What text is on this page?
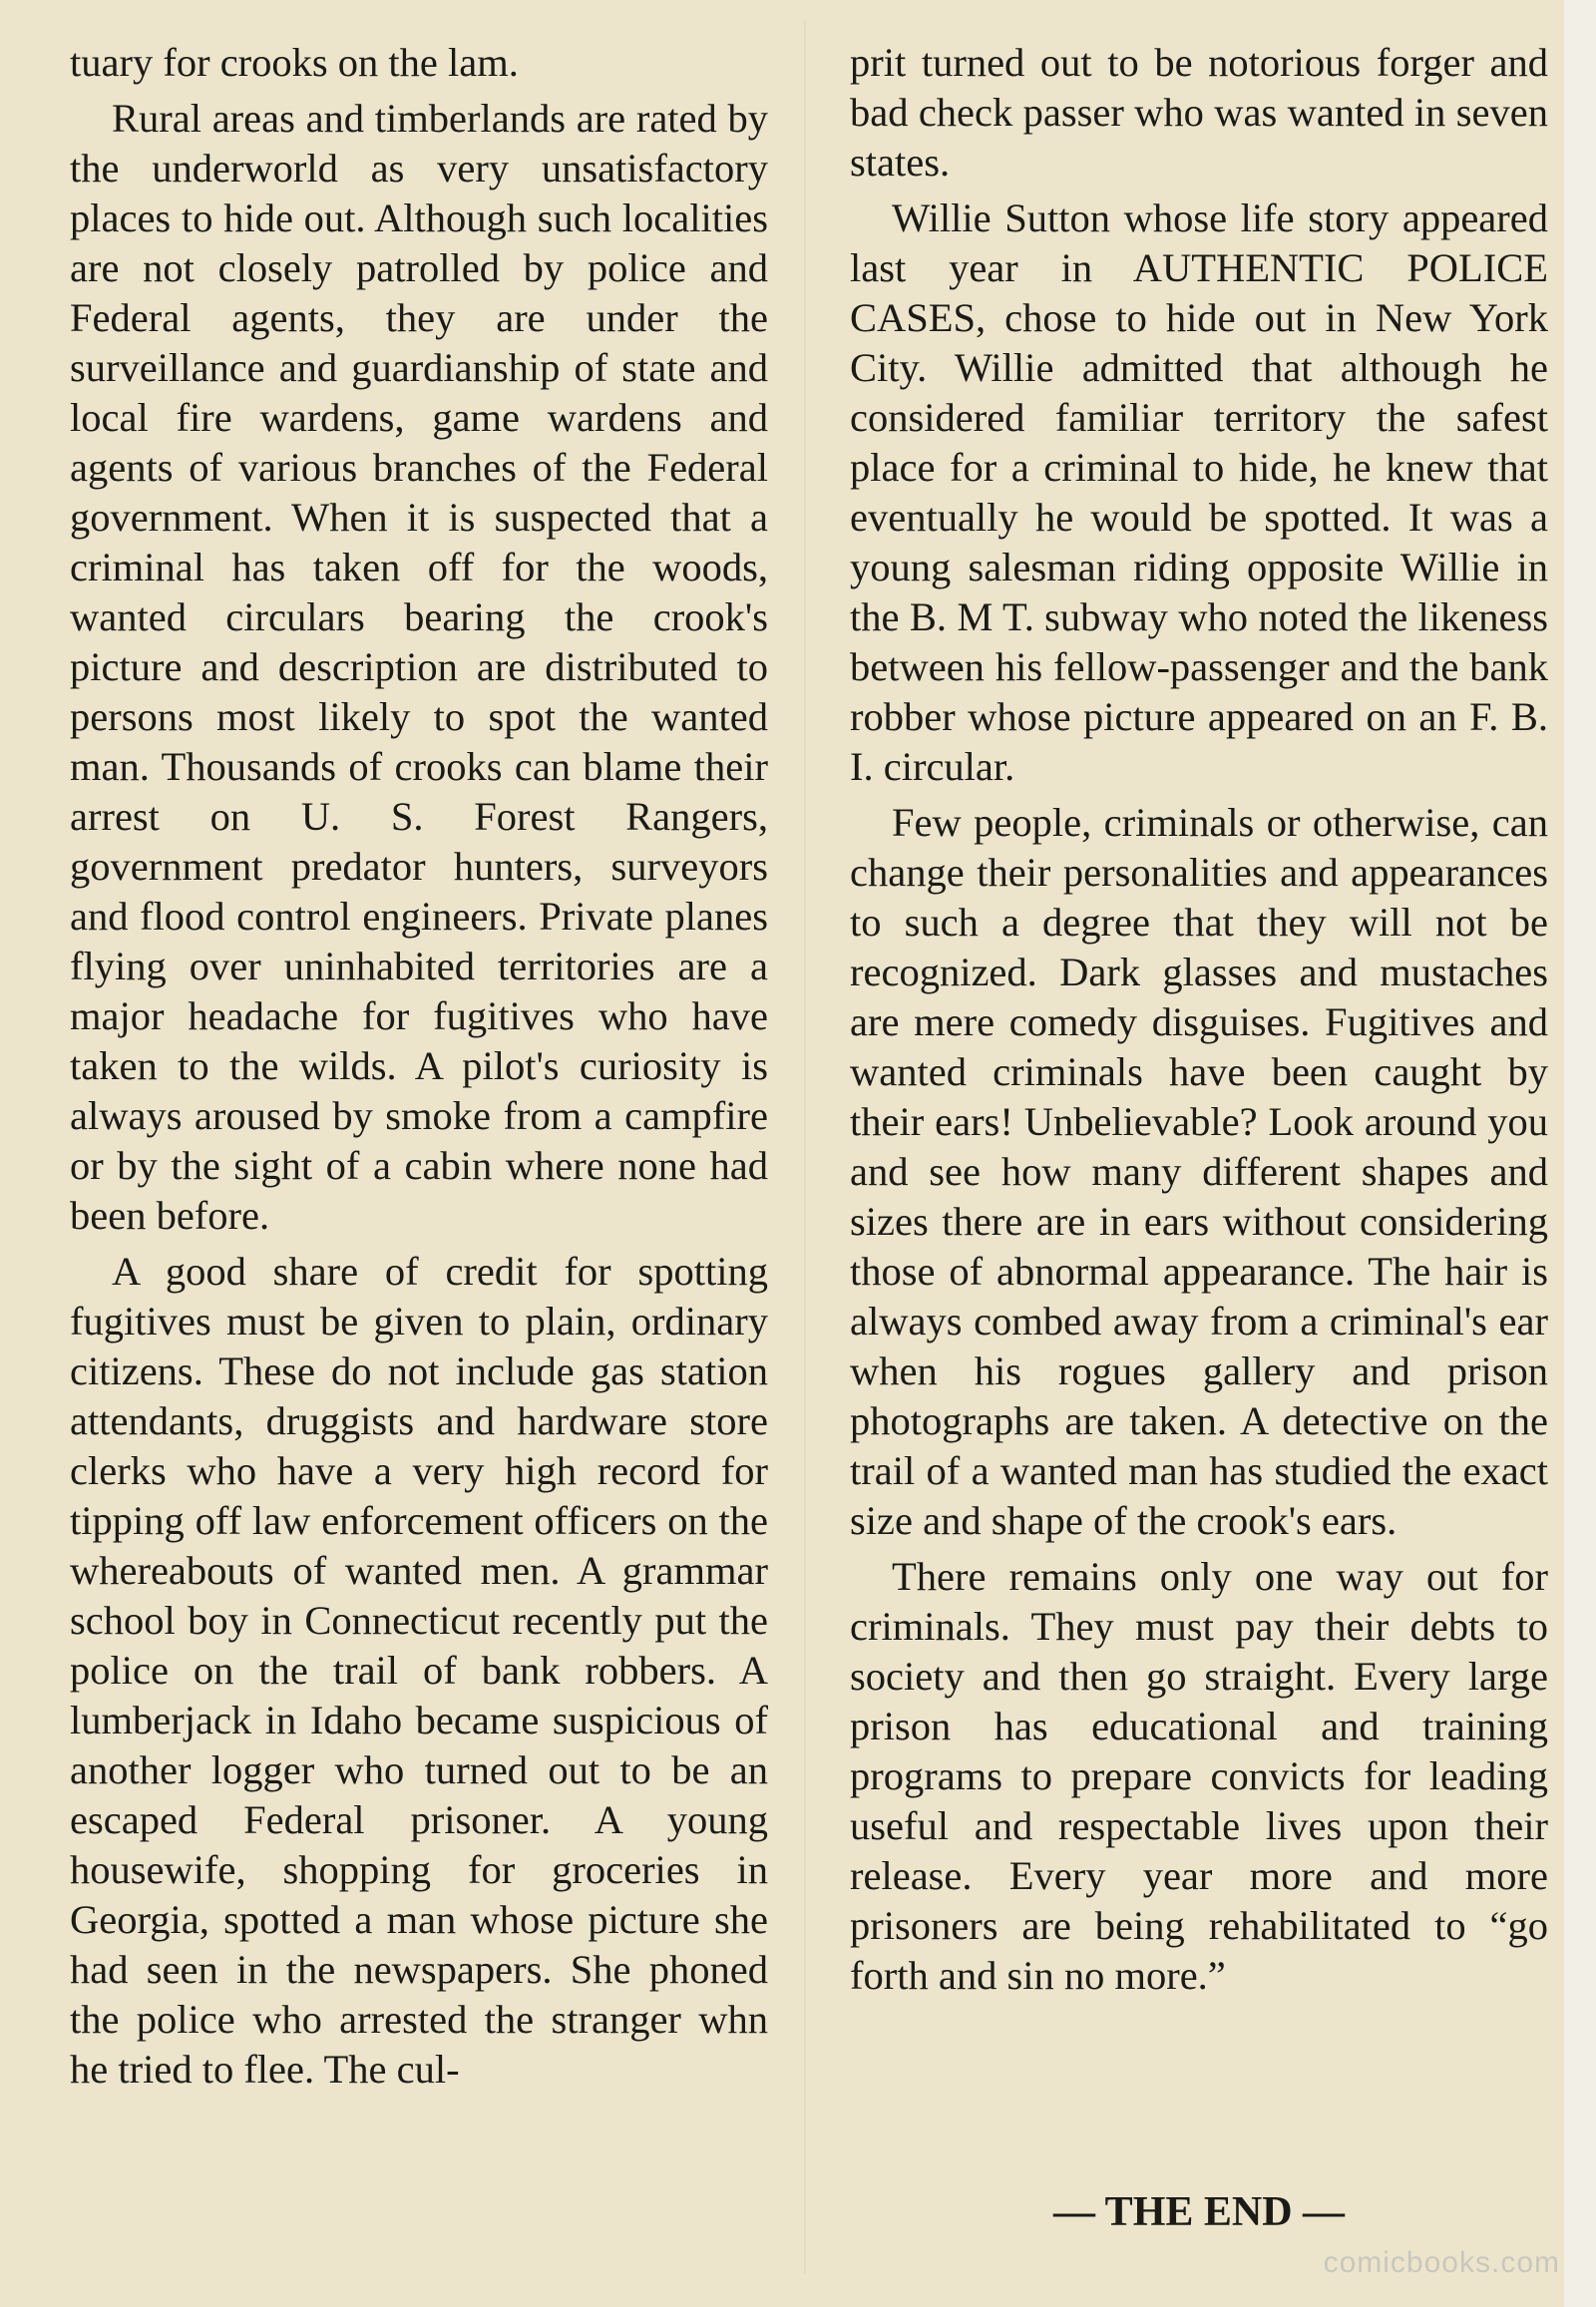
tuary for crooks on the lam.

Rural areas and timberlands are rated by the underworld as very unsatisfactory places to hide out. Although such localities are not closely patrolled by police and Federal agents, they are under the surveillance and guardianship of state and local fire wardens, game wardens and agents of various branches of the Federal government. When it is suspected that a criminal has taken off for the woods, wanted circulars bearing the crook's picture and description are distributed to persons most likely to spot the wanted man. Thousands of crooks can blame their arrest on U. S. Forest Rangers, government predator hunters, surveyors and flood control engineers. Private planes flying over uninhabited territories are a major headache for fugitives who have taken to the wilds. A pilot's curiosity is always aroused by smoke from a campfire or by the sight of a cabin where none had been before.

A good share of credit for spotting fugitives must be given to plain, ordinary citizens. These do not include gas station attendants, druggists and hardware store clerks who have a very high record for tipping off law enforcement officers on the whereabouts of wanted men. A grammar school boy in Connecticut recently put the police on the trail of bank robbers. A lumberjack in Idaho became suspicious of another logger who turned out to be an escaped Federal prisoner. A young housewife, shopping for groceries in Georgia, spotted a man whose picture she had seen in the newspapers. She phoned the police who arrested the stranger whn he tried to flee. The cul-

prit turned out to be notorious forger and bad check passer who was wanted in seven states.

Willie Sutton whose life story appeared last year in AUTHENTIC POLICE CASES, chose to hide out in New York City. Willie admitted that although he considered familiar territory the safest place for a criminal to hide, he knew that eventually he would be spotted. It was a young salesman riding opposite Willie in the B. M T. subway who noted the likeness between his fellow-passenger and the bank robber whose picture appeared on an F. B. I. circular.

Few people, criminals or otherwise, can change their personalities and appearances to such a degree that they will not be recognized. Dark glasses and mustaches are mere comedy disguises. Fugitives and wanted criminals have been caught by their ears! Unbelievable? Look around you and see how many different shapes and sizes there are in ears without considering those of abnormal appearance. The hair is always combed away from a criminal's ear when his rogues gallery and prison photographs are taken. A detective on the trail of a wanted man has studied the exact size and shape of the crook's ears.

There remains only one way out for criminals. They must pay their debts to society and then go straight. Every large prison has educational and training programs to prepare convicts for leading useful and respectable lives upon their release. Every year more and more prisoners are being rehabilitated to “go forth and sin no more.”

— THE END —
comicbooks.com
